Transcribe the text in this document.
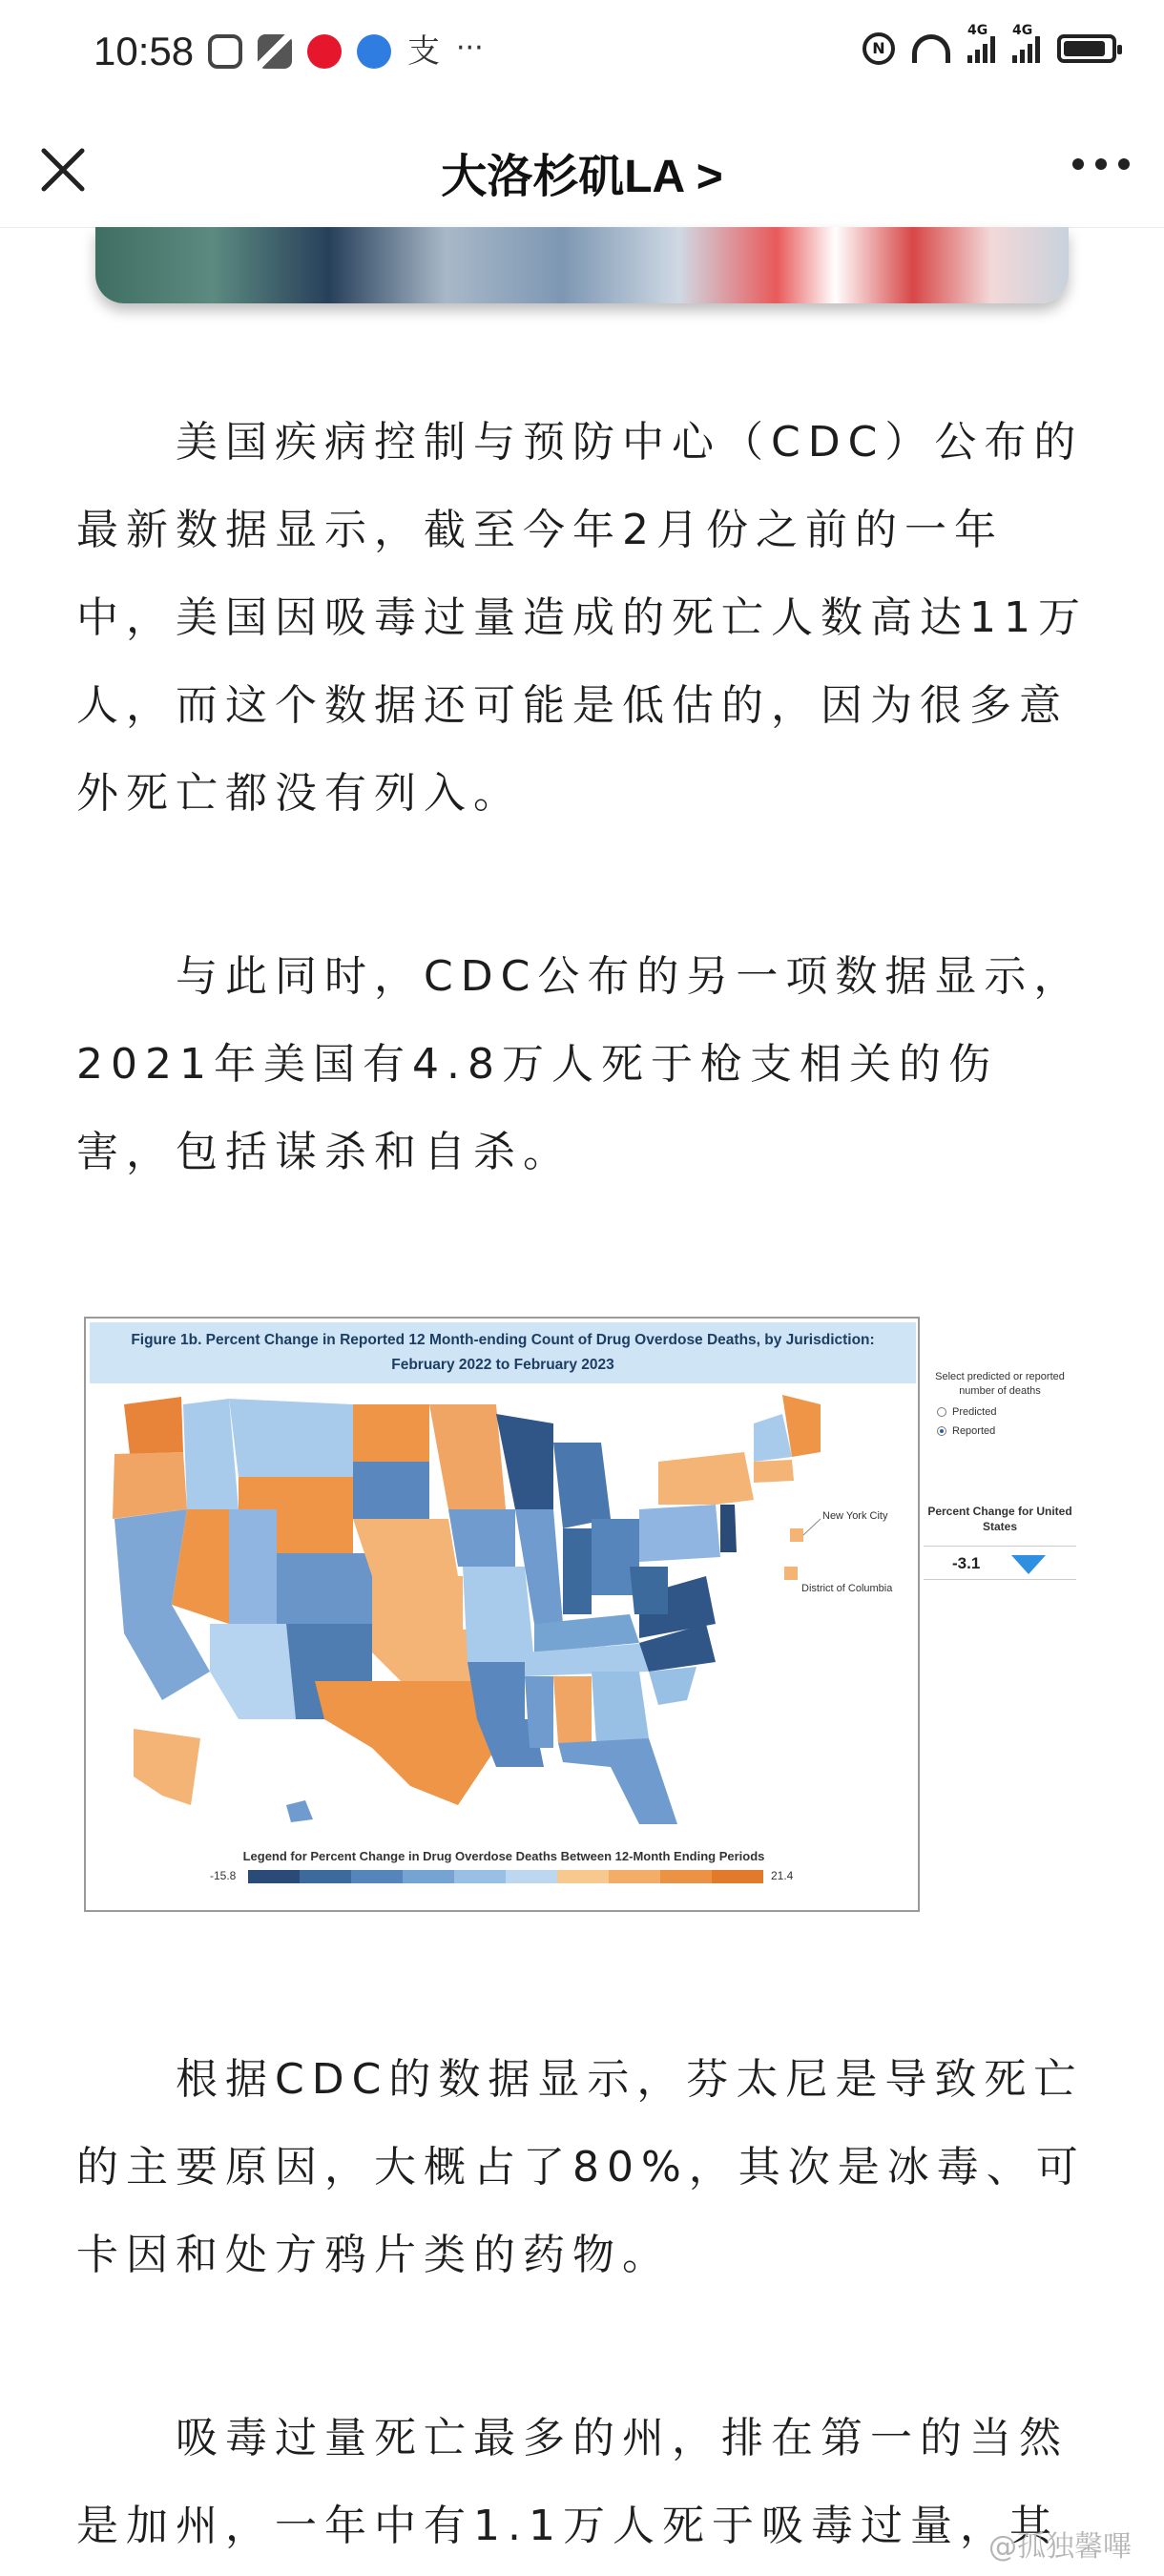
10:58	支 ···	N
4G 4G
大洛杉矶LA >

美国疾病控制与预防中心（CDC）公布的最新数据显示，截至今年2月份之前的一年中，美国因吸毒过量造成的死亡人数高达11万人，而这个数据还可能是低估的，因为很多意外死亡都没有列入。

与此同时，CDC公布的另一项数据显示，2021年美国有4.8万人死于枪支相关的伤害，包括谋杀和自杀。

Figure 1b. Percent Change in Reported 12 Month-ending Count of Drug Overdose Deaths, by Jurisdiction:
February 2022 to February 2023
New York City
District of Columbia
Legend for Percent Change in Drug Overdose Deaths Between 12-Month Ending Periods
-15.8	21.4
Select predicted or reported number of deaths
Predicted
Reported
Percent Change for United States
-3.1

根据CDC的数据显示，芬太尼是导致死亡的主要原因，大概占了80%，其次是冰毒、可卡因和处方鸦片类的药物。

吸毒过量死亡最多的州，排在第一的当然是加州，一年中有1.1万人死于吸毒过量，其

@孤独馨嗶
